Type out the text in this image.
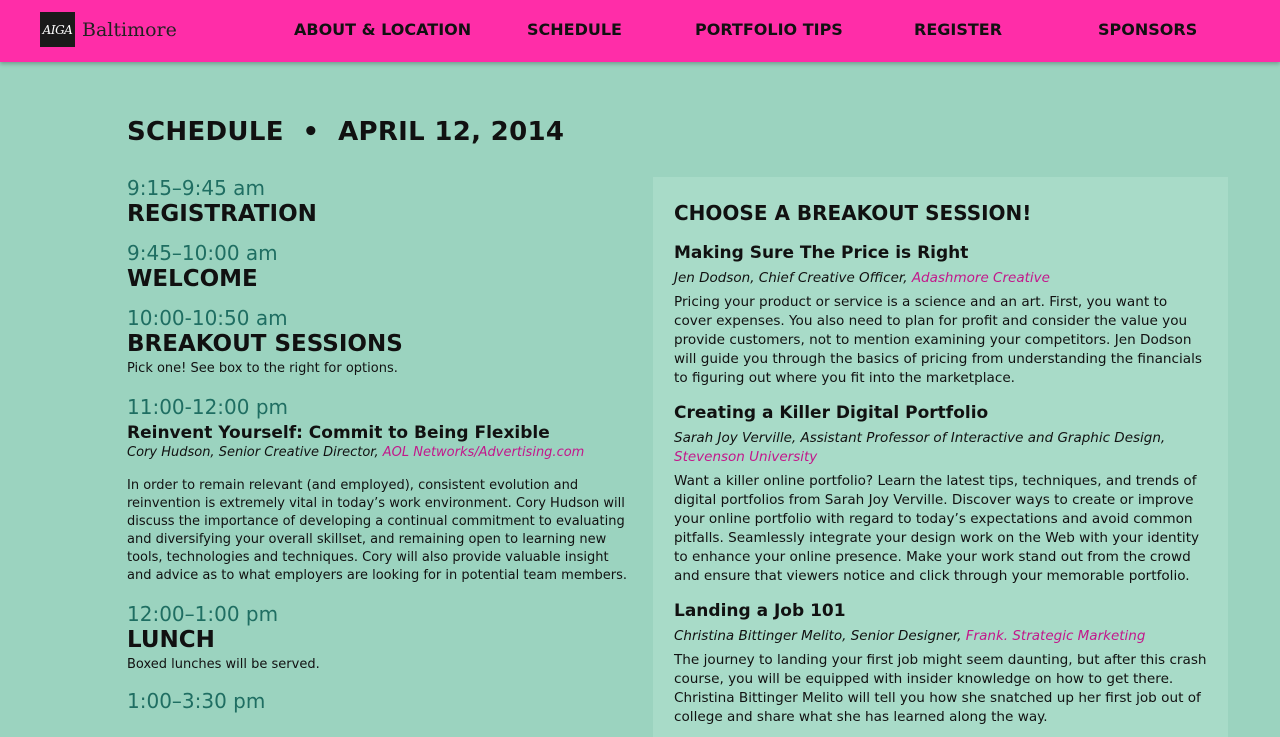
AIGA Baltimore	ABOUT & LOCATION	SCHEDULE	PORTFOLIO TIPS	REGISTER	SPONSORS
SCHEDULE  •  APRIL 12, 2014
9:15–9:45 am
REGISTRATION
9:45–10:00 am
WELCOME
10:00-10:50 am
BREAKOUT SESSIONS
Pick one! See box to the right for options.
11:00-12:00 pm
Reinvent Yourself: Commit to Being Flexible
Cory Hudson, Senior Creative Director, AOL Networks/Advertising.com
In order to remain relevant (and employed), consistent evolution and reinvention is extremely vital in today’s work environment. Cory Hudson will discuss the importance of developing a continual commitment to evaluating and diversifying your overall skillset, and remaining open to learning new tools, technologies and techniques. Cory will also provide valuable insight and advice as to what employers are looking for in potential team members.
12:00–1:00 pm
LUNCH
Boxed lunches will be served.
1:00–3:30 pm
CHOOSE A BREAKOUT SESSION!
Making Sure The Price is Right
Jen Dodson, Chief Creative Officer, Adashmore Creative
Pricing your product or service is a science and an art. First, you want to cover expenses. You also need to plan for profit and consider the value you provide customers, not to mention examining your competitors. Jen Dodson will guide you through the basics of pricing from understanding the financials to figuring out where you fit into the marketplace.
Creating a Killer Digital Portfolio
Sarah Joy Verville, Assistant Professor of Interactive and Graphic Design, Stevenson University
Want a killer online portfolio? Learn the latest tips, techniques, and trends of digital portfolios from Sarah Joy Verville. Discover ways to create or improve your online portfolio with regard to today’s expectations and avoid common pitfalls. Seamlessly integrate your design work on the Web with your identity to enhance your online presence. Make your work stand out from the crowd and ensure that viewers notice and click through your memorable portfolio.
Landing a Job 101
Christina Bittinger Melito, Senior Designer, Frank. Strategic Marketing
The journey to landing your first job might seem daunting, but after this crash course, you will be equipped with insider knowledge on how to get there. Christina Bittinger Melito will tell you how she snatched up her first job out of college and share what she has learned along the way.
